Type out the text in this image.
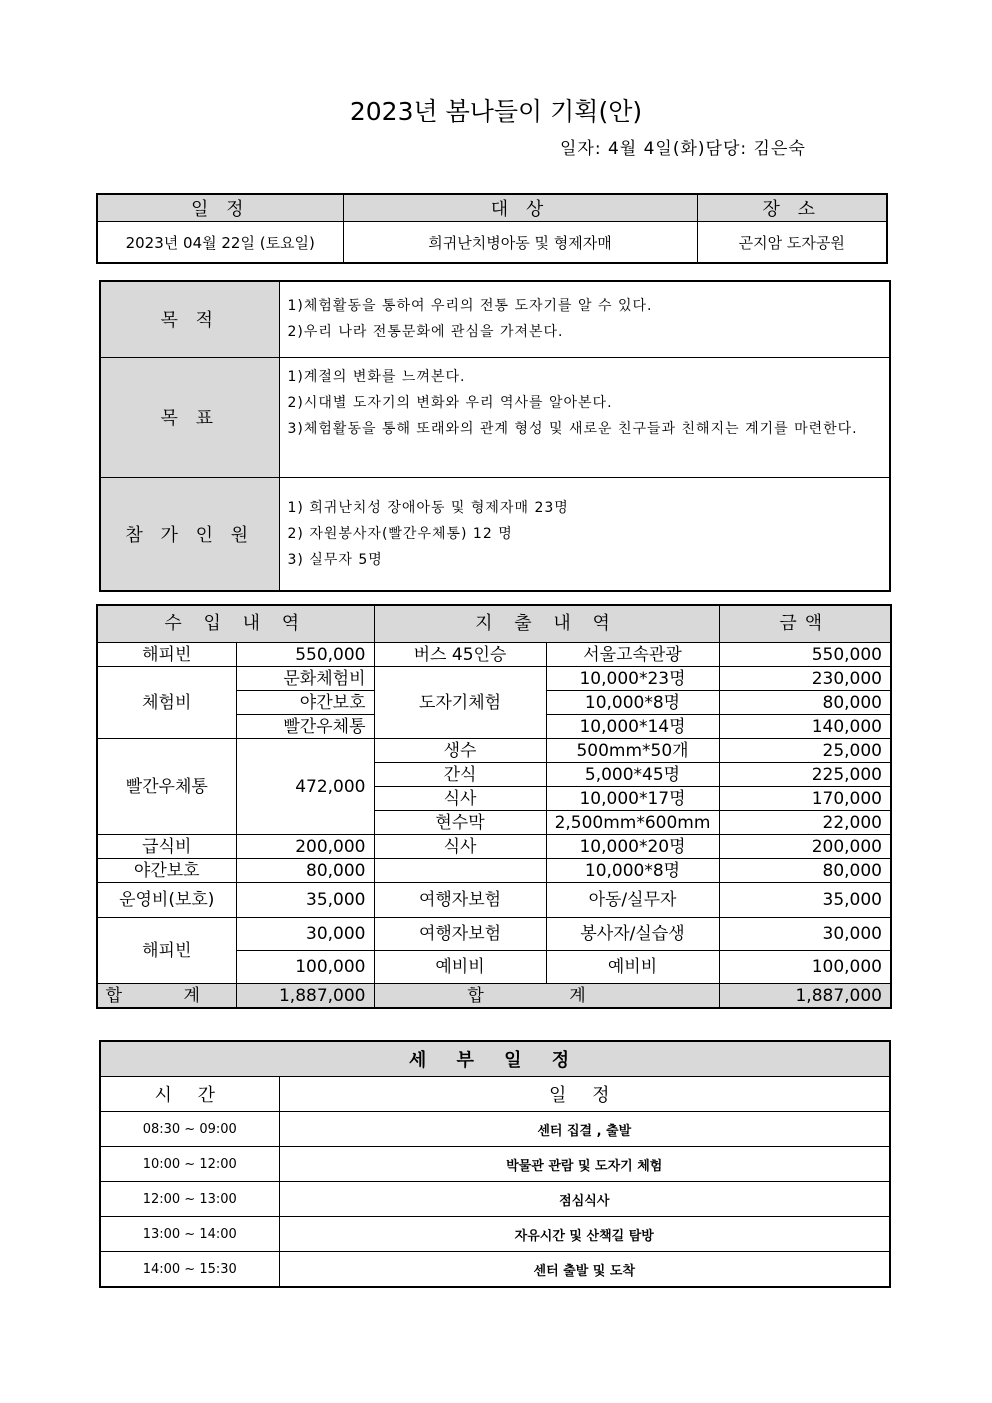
2023년 봄나들이 기획(안)
일자: 4월 4일(화)담당: 김은숙
일 정	대 상	장 소
2023년 04월 22일 (토요일)	희귀난치병아동 및 형제자매	곤지암 도자공원
목 적	1)체험활동을 통하여 우리의 전통 도자기를 알 수 있다.
2)우리 나라 전통문화에 관심을 가져본다.

목 표	1)계절의 변화를 느껴본다.
2)시대별 도자기의 변화와 우리 역사를 알아본다.
3)체험활동을 통해 또래와의 관계 형성 및 새로운 친구들과 친해지는 계기를 마련한다.

참 가 인 원	1) 희귀난치성 장애아동 및 형제자매 23명
2) 자원봉사자(빨간우체통) 12 명
3) 실무자 5명
수 입 내 역		지 출 내 역		금액
해피빈	550,000	버스 45인승	서울고속관광	550,000
체험비	문화체험비	도자기체험	10,000*23명	230,000
	야간보호		10,000*8명	80,000
	빨간우체통		10,000*14명	140,000
빨간우체통	472,000	생수	500mm*50개	25,000
		간식	5,000*45명	225,000
		식사	10,000*17명	170,000
		현수막	2,500mm*600mm	22,000
급식비	200,000	식사	10,000*20명	200,000
야간보호	80,000		10,000*8명	80,000
운영비(보호)	35,000	여행자보험	아동/실무자	35,000
해피빈	30,000	여행자보험	봉사자/실습생	30,000
	100,000	예비비	예비비	100,000
합 계	1,887,000	합 계		1,887,000
세 부 일 정	
시 간	일 정
08:30 ~ 09:00	센터 집결 , 출발
10:00 ~ 12:00	박물관 관람 및 도자기 체험
12:00 ~ 13:00	점심식사
13:00 ~ 14:00	자유시간 및 산책길 탐방
14:00 ~ 15:30	센터 출발 및 도착
